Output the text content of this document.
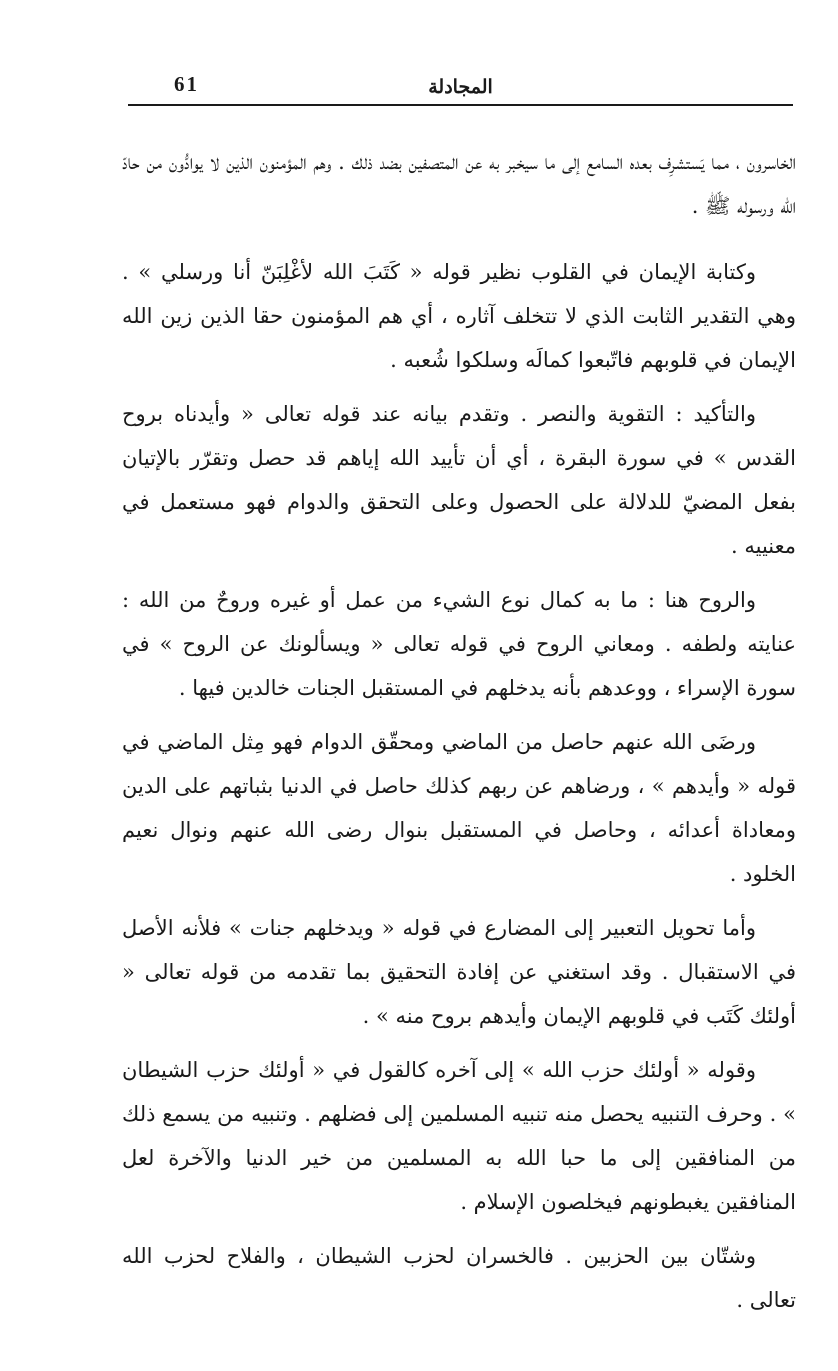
61	المجادلة

الخاسرون ، مما يَستشرِف بعده السامع إلى ما سيخبر به عن المتصفين بضد ذلك . وهم المؤمنون الذين لا يوادُّون من حادّ الله ورسوله ﷺ .

وكتابة الإيمان في القلوب نظير قوله « كَتَبَ الله لأغْلِبَنّ أنا ورسلي » . وهي التقدير الثابت الذي لا تتخلف آثاره ، أي هم المؤمنون حقا الذين زين الله الإيمان في قلوبهم فاتّبعوا كمالَه وسلكوا شُعبه .

والتأكيد : التقوية والنصر . وتقدم بيانه عند قوله تعالى « وأيدناه بروح القدس » في سورة البقرة ، أي أن تأييد الله إياهم قد حصل وتقرّر بالإتيان بفعل المضيّ للدلالة على الحصول وعلى التحقق والدوام فهو مستعمل في معنييه .

والروح هنا : ما به كمال نوع الشيء من عمل أو غيره وروحٌ من الله : عنايته ولطفه . ومعاني الروح في قوله تعالى « ويسألونك عن الروح » في سورة الإسراء ، ووعدهم بأنه يدخلهم في المستقبل الجنات خالدين فيها .

ورضَى الله عنهم حاصل من الماضي ومحقّق الدوام فهو مِثل الماضي في قوله « وأيدهم » ، ورضاهم عن ربهم كذلك حاصل في الدنيا بثباتهم على الدين ومعاداة أعدائه ، وحاصل في المستقبل بنوال رضى الله عنهم ونوال نعيم الخلود .

وأما تحويل التعبير إلى المضارع في قوله « ويدخلهم جنات » فلأنه الأصل في الاستقبال . وقد استغني عن إفادة التحقيق بما تقدمه من قوله تعالى « أولئك كَتَب في قلوبهم الإيمان وأيدهم بروح منه » .

وقوله « أولئك حزب الله » إلى آخره كالقول في « أولئك حزب الشيطان » . وحرف التنبيه يحصل منه تنبيه المسلمين إلى فضلهم . وتنبيه من يسمع ذلك من المنافقين إلى ما حبا الله به المسلمين من خير الدنيا والآخرة لعل المنافقين يغبطونهم فيخلصون الإسلام .

وشتّان بين الحزبين . فالخسران لحزب الشيطان ، والفلاح لحزب الله تعالى .
